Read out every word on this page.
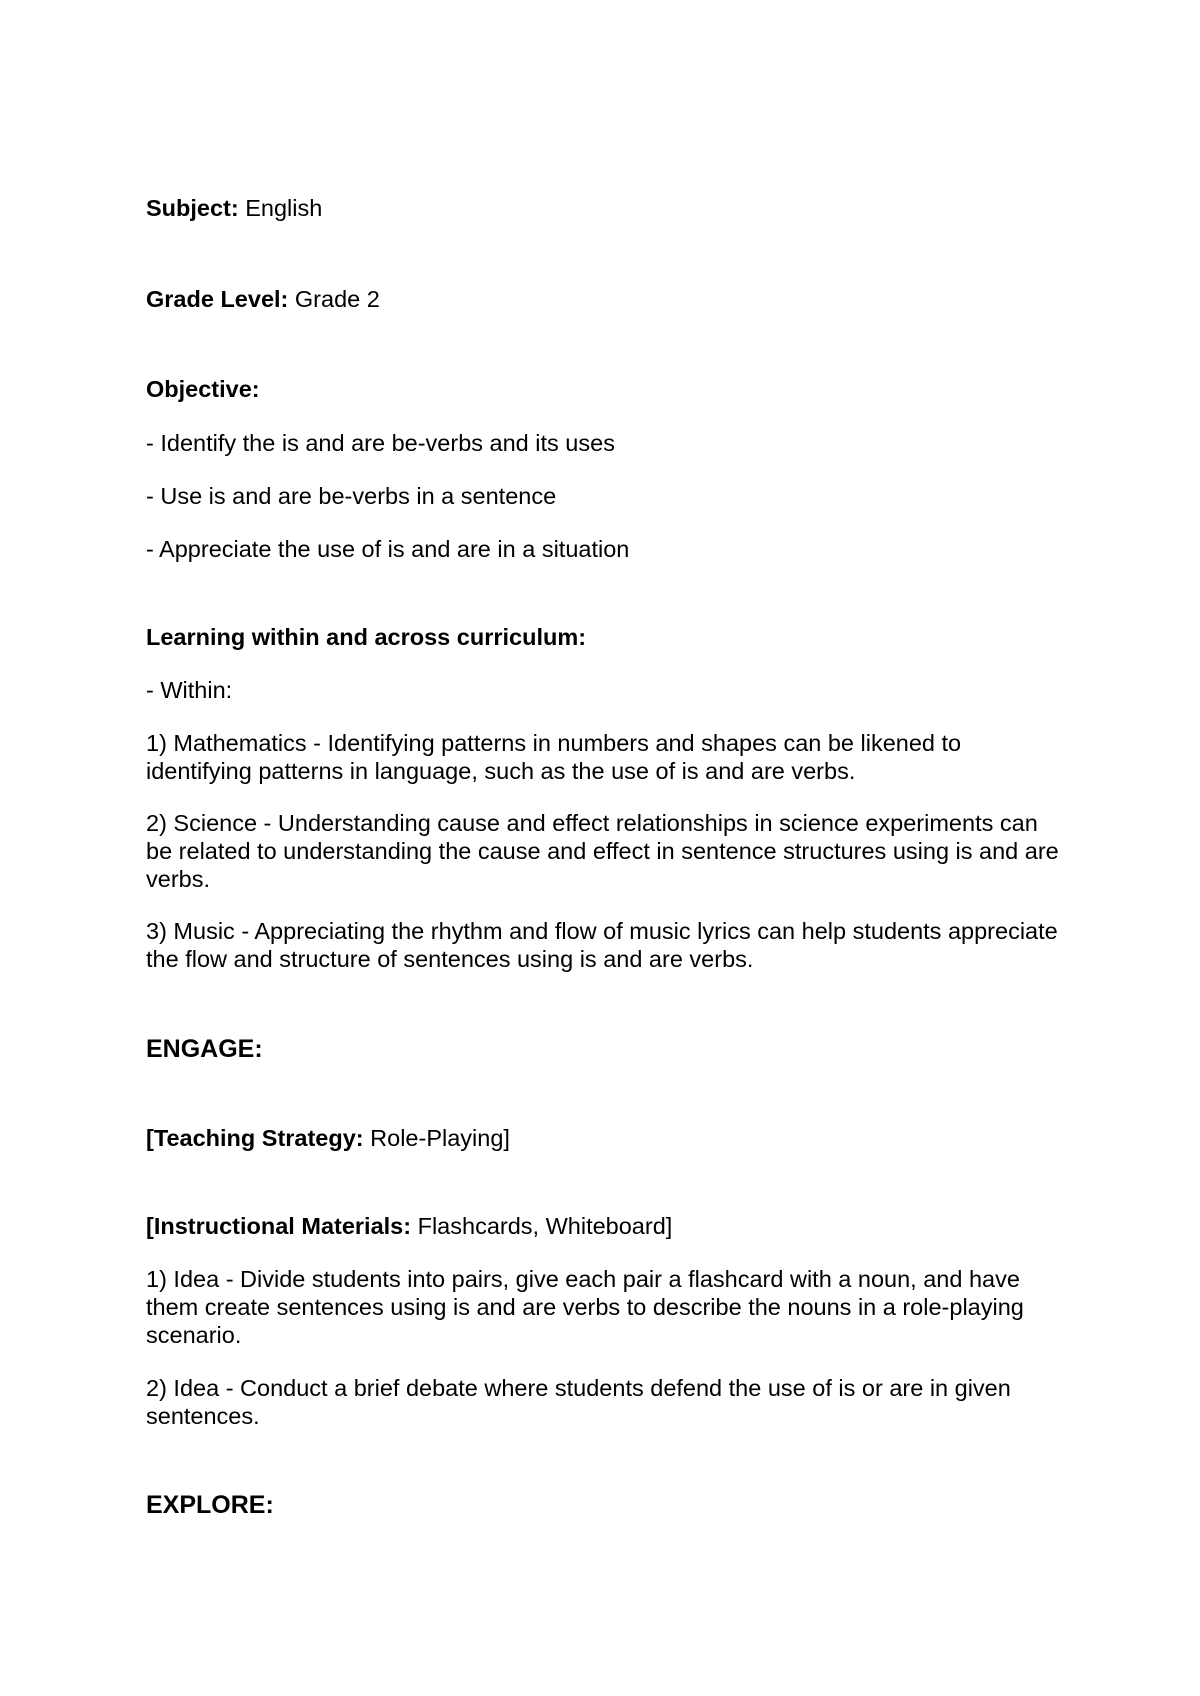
Subject: English

Grade Level: Grade 2

Objective:

- Identify the is and are be-verbs and its uses

- Use is and are be-verbs in a sentence

- Appreciate the use of is and are in a situation

Learning within and across curriculum:

- Within:

1) Mathematics - Identifying patterns in numbers and shapes can be likened to identifying patterns in language, such as the use of is and are verbs.

2) Science - Understanding cause and effect relationships in science experiments can be related to understanding the cause and effect in sentence structures using is and are verbs.

3) Music - Appreciating the rhythm and flow of music lyrics can help students appreciate the flow and structure of sentences using is and are verbs.

ENGAGE:

[Teaching Strategy: Role-Playing]

[Instructional Materials: Flashcards, Whiteboard]

1) Idea - Divide students into pairs, give each pair a flashcard with a noun, and have them create sentences using is and are verbs to describe the nouns in a role-playing scenario.

2) Idea - Conduct a brief debate where students defend the use of is or are in given sentences.

EXPLORE:
